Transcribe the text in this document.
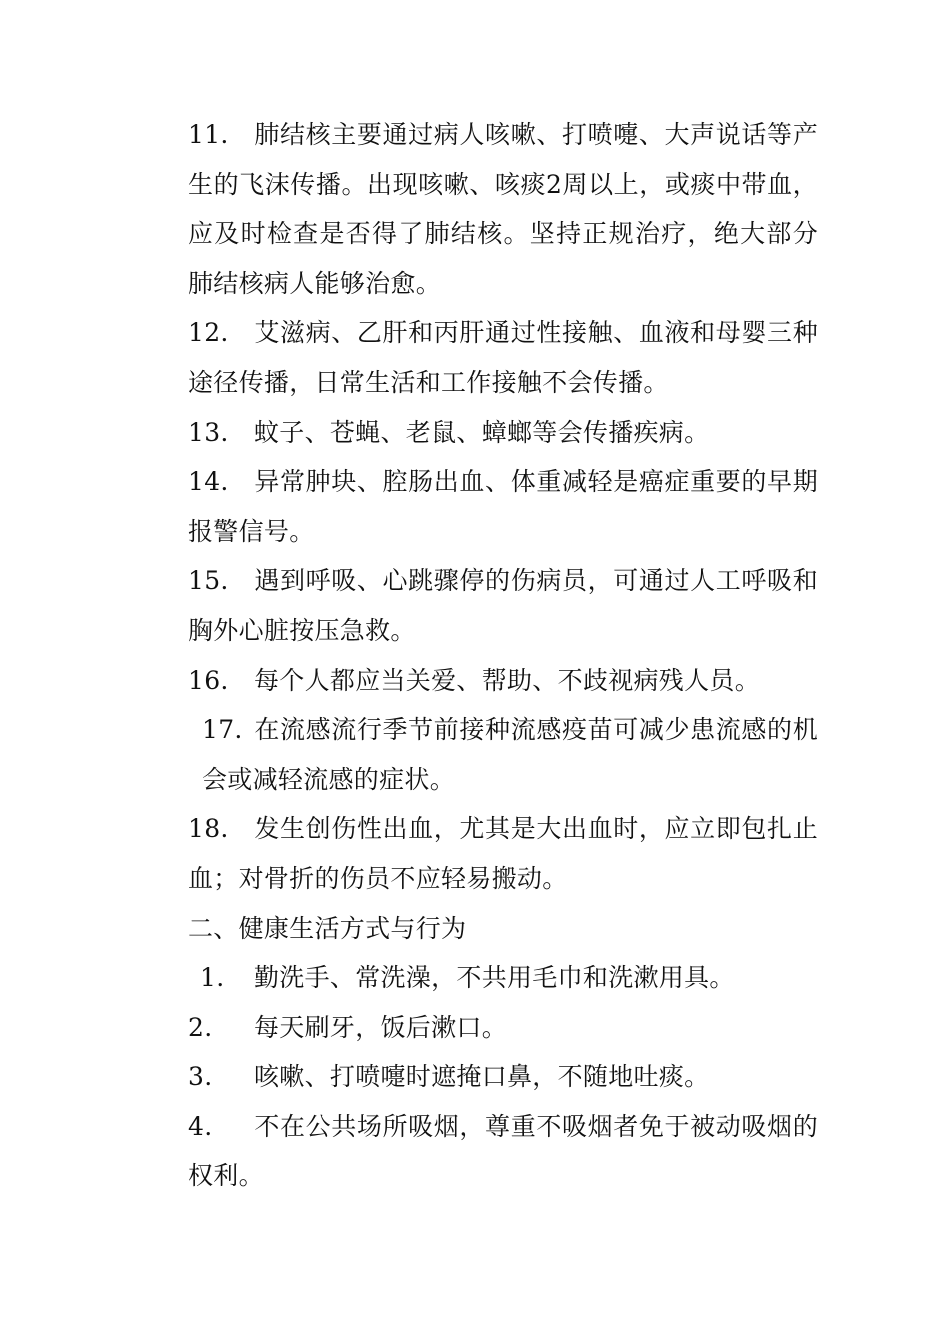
11. 肺结核主要通过病人咳嗽、打喷嚏、大声说话等产生的飞沫传播。出现咳嗽、咳痰2周以上，或痰中带血，应及时检查是否得了肺结核。坚持正规治疗，绝大部分肺结核病人能够治愈。

12. 艾滋病、乙肝和丙肝通过性接触、血液和母婴三种途径传播，日常生活和工作接触不会传播。

13. 蚊子、苍蝇、老鼠、蟑螂等会传播疾病。

14. 异常肿块、腔肠出血、体重减轻是癌症重要的早期报警信号。

15. 遇到呼吸、心跳骤停的伤病员，可通过人工呼吸和胸外心脏按压急救。

16. 每个人都应当关爱、帮助、不歧视病残人员。

17. 在流感流行季节前接种流感疫苗可减少患流感的机会或减轻流感的症状。

18. 发生创伤性出血，尤其是大出血时，应立即包扎止血；对骨折的伤员不应轻易搬动。

二、健康生活方式与行为

1. 勤洗手、常洗澡，不共用毛巾和洗漱用具。

2. 每天刷牙，饭后漱口。

3. 咳嗽、打喷嚏时遮掩口鼻，不随地吐痰。

4. 不在公共场所吸烟，尊重不吸烟者免于被动吸烟的权利。
